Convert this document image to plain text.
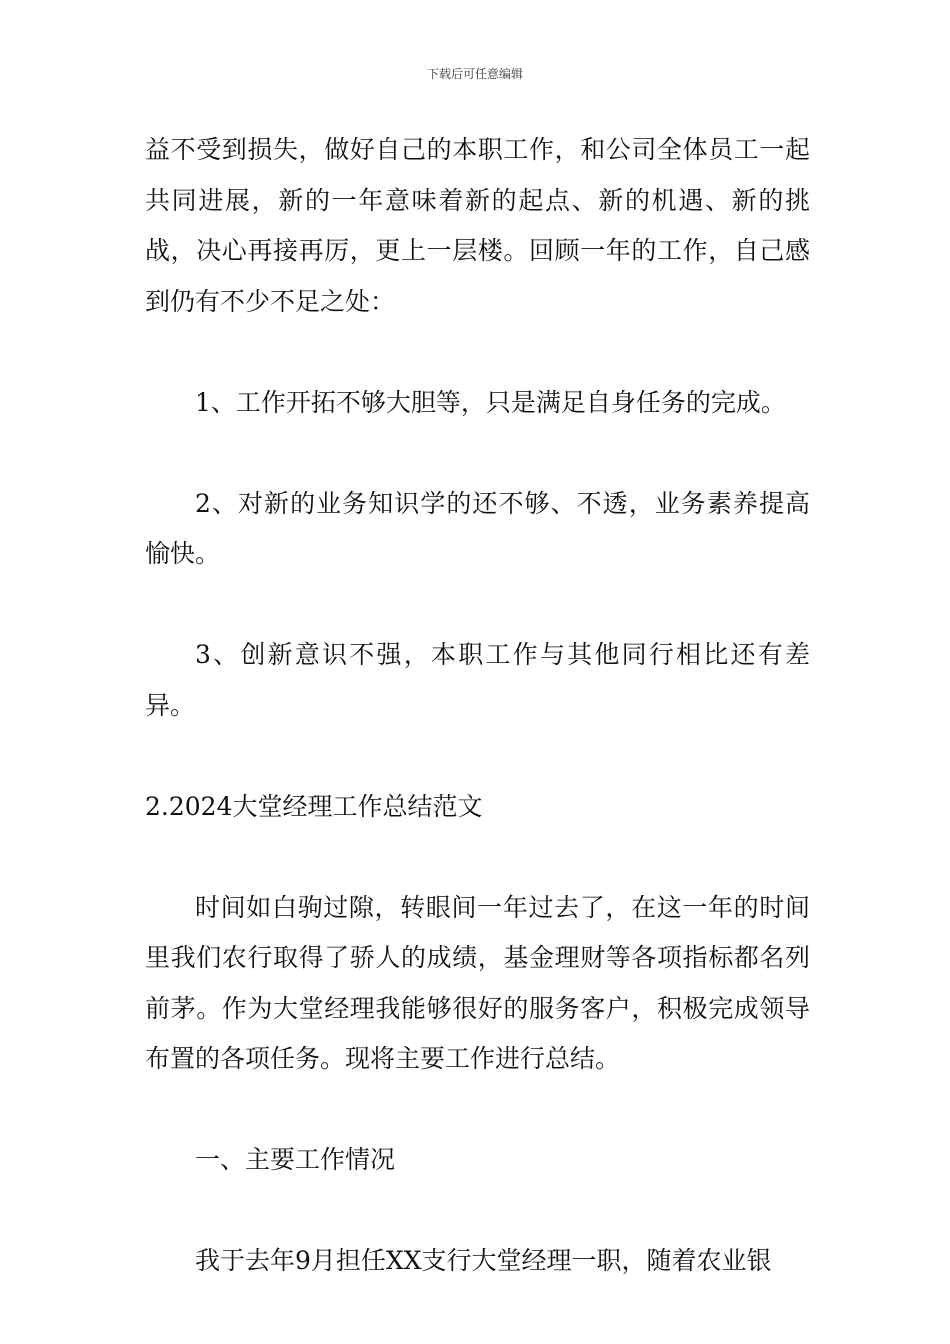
下载后可任意编辑

益不受到损失，做好自己的本职工作，和公司全体员工一起共同进展，新的一年意味着新的起点、新的机遇、新的挑战，决心再接再厉，更上一层楼。回顾一年的工作，自己感到仍有不少不足之处：

1、工作开拓不够大胆等，只是满足自身任务的完成。

2、对新的业务知识学的还不够、不透，业务素养提高愉快。

3、创新意识不强，本职工作与其他同行相比还有差异。

2.2024大堂经理工作总结范文

时间如白驹过隙，转眼间一年过去了，在这一年的时间里我们农行取得了骄人的成绩，基金理财等各项指标都名列前茅。作为大堂经理我能够很好的服务客户，积极完成领导布置的各项任务。现将主要工作进行总结。

一、主要工作情况

我于去年9月担任XX支行大堂经理一职，随着农业银
